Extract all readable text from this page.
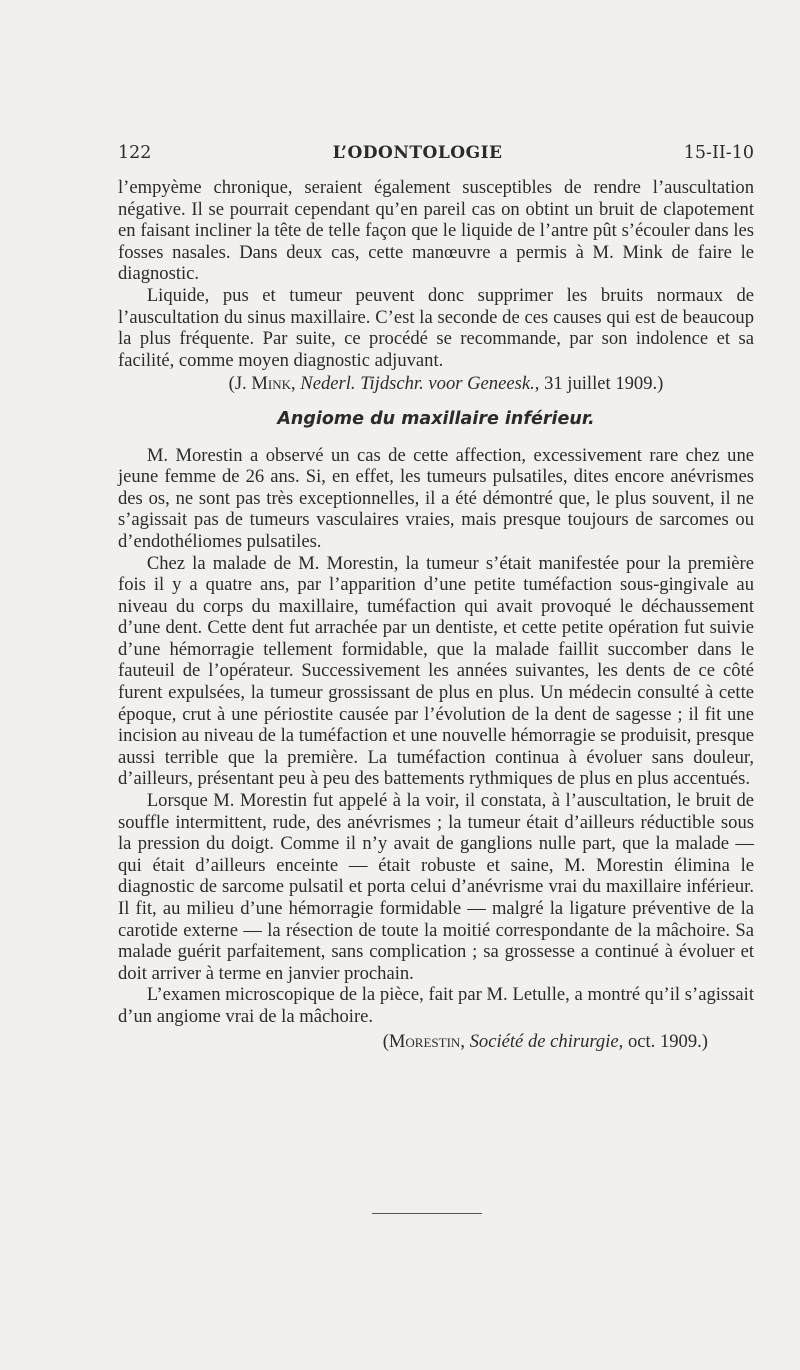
122	L’ODONTOLOGIE	15-II-10

l’empyème chronique, seraient également susceptibles de rendre l’auscultation négative. Il se pourrait cependant qu’en pareil cas on obtint un bruit de clapotement en faisant incliner la tête de telle façon que le liquide de l’antre pût s’écouler dans les fosses nasales. Dans deux cas, cette manœuvre a permis à M. Mink de faire le diagnostic.

Liquide, pus et tumeur peuvent donc supprimer les bruits normaux de l’auscultation du sinus maxillaire. C’est la seconde de ces causes qui est de beaucoup la plus fréquente. Par suite, ce procédé se recommande, par son indolence et sa facilité, comme moyen diagnostic adjuvant.

(J. Mink, Nederl. Tijdschr. voor Geneesk., 31 juillet 1909.)
Angiome du maxillaire inférieur.

M. Morestin a observé un cas de cette affection, excessivement rare chez une jeune femme de 26 ans. Si, en effet, les tumeurs pulsatiles, dites encore anévrismes des os, ne sont pas très exceptionnelles, il a été démontré que, le plus souvent, il ne s’agissait pas de tumeurs vasculaires vraies, mais presque toujours de sarcomes ou d’endothéliomes pulsatiles.

Chez la malade de M. Morestin, la tumeur s’était manifestée pour la première fois il y a quatre ans, par l’apparition d’une petite tuméfaction sous-gingivale au niveau du corps du maxillaire, tuméfaction qui avait provoqué le déchaussement d’une dent. Cette dent fut arrachée par un dentiste, et cette petite opération fut suivie d’une hémorragie tellement formidable, que la malade faillit succomber dans le fauteuil de l’opérateur. Successivement les années suivantes, les dents de ce côté furent expulsées, la tumeur grossissant de plus en plus. Un médecin consulté à cette époque, crut à une périostite causée par l’évolution de la dent de sagesse ; il fit une incision au niveau de la tuméfaction et une nouvelle hémorragie se produisit, presque aussi terrible que la première. La tuméfaction continua à évoluer sans douleur, d’ailleurs, présentant peu à peu des battements rythmiques de plus en plus accentués.

Lorsque M. Morestin fut appelé à la voir, il constata, à l’auscultation, le bruit de souffle intermittent, rude, des anévrismes ; la tumeur était d’ailleurs réductible sous la pression du doigt. Comme il n’y avait de ganglions nulle part, que la malade — qui était d’ailleurs enceinte — était robuste et saine, M. Morestin élimina le diagnostic de sarcome pulsatil et porta celui d’anévrisme vrai du maxillaire inférieur. Il fit, au milieu d’une hémorragie formidable — malgré la ligature préventive de la carotide externe — la résection de toute la moitié correspondante de la mâchoire. Sa malade guérit parfaitement, sans complication ; sa grossesse a continué à évoluer et doit arriver à terme en janvier prochain.

L’examen microscopique de la pièce, fait par M. Letulle, a montré qu’il s’agissait d’un angiome vrai de la mâchoire.

(Morestin, Société de chirurgie, oct. 1909.)
